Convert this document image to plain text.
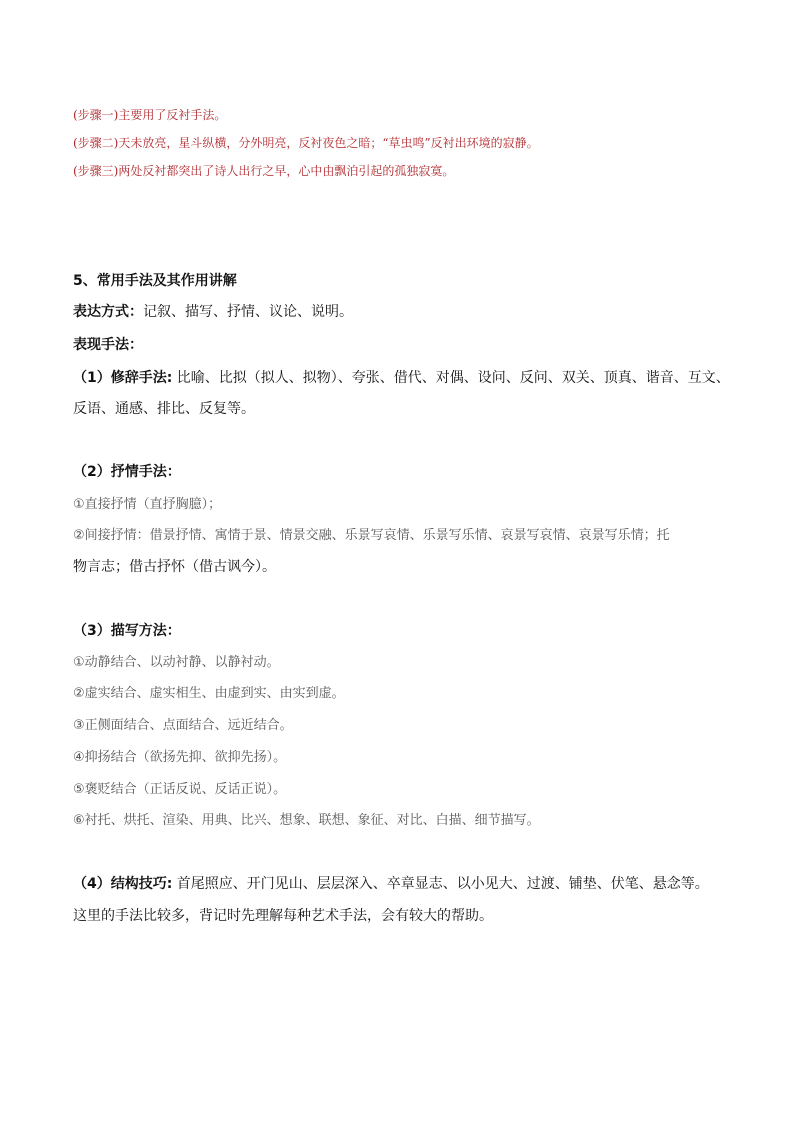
(步骤一)主要用了反衬手法。
(步骤二)天未放亮，星斗纵横，分外明亮，反衬夜色之暗；“草虫鸣”反衬出环境的寂静。
(步骤三)两处反衬都突出了诗人出行之早，心中由飘泊引起的孤独寂寞。
5、常用手法及其作用讲解
表达方式：记叙、描写、抒情、议论、说明。
表现手法：
（1）修辞手法: 比喻、比拟（拟人、拟物）、夸张、借代、对偶、设问、反问、双关、顶真、谐音、互文、
反语、通感、排比、反复等。
（2）抒情手法：
①直接抒情（直抒胸臆）；
②间接抒情：借景抒情、寓情于景、情景交融、乐景写哀情、乐景写乐情、哀景写哀情、哀景写乐情；托
物言志；借古抒怀（借古讽今）。
（3）描写方法：
①动静结合、以动衬静、以静衬动。
②虚实结合、虚实相生、由虚到实、由实到虚。
③正侧面结合、点面结合、远近结合。
④抑扬结合（欲扬先抑、欲抑先扬）。
⑤褒贬结合（正话反说、反话正说）。
⑥衬托、烘托、渲染、用典、比兴、想象、联想、象征、对比、白描、细节描写。
（4）结构技巧: 首尾照应、开门见山、层层深入、卒章显志、以小见大、过渡、铺垫、伏笔、悬念等。
这里的手法比较多，背记时先理解每种艺术手法，会有较大的帮助。
